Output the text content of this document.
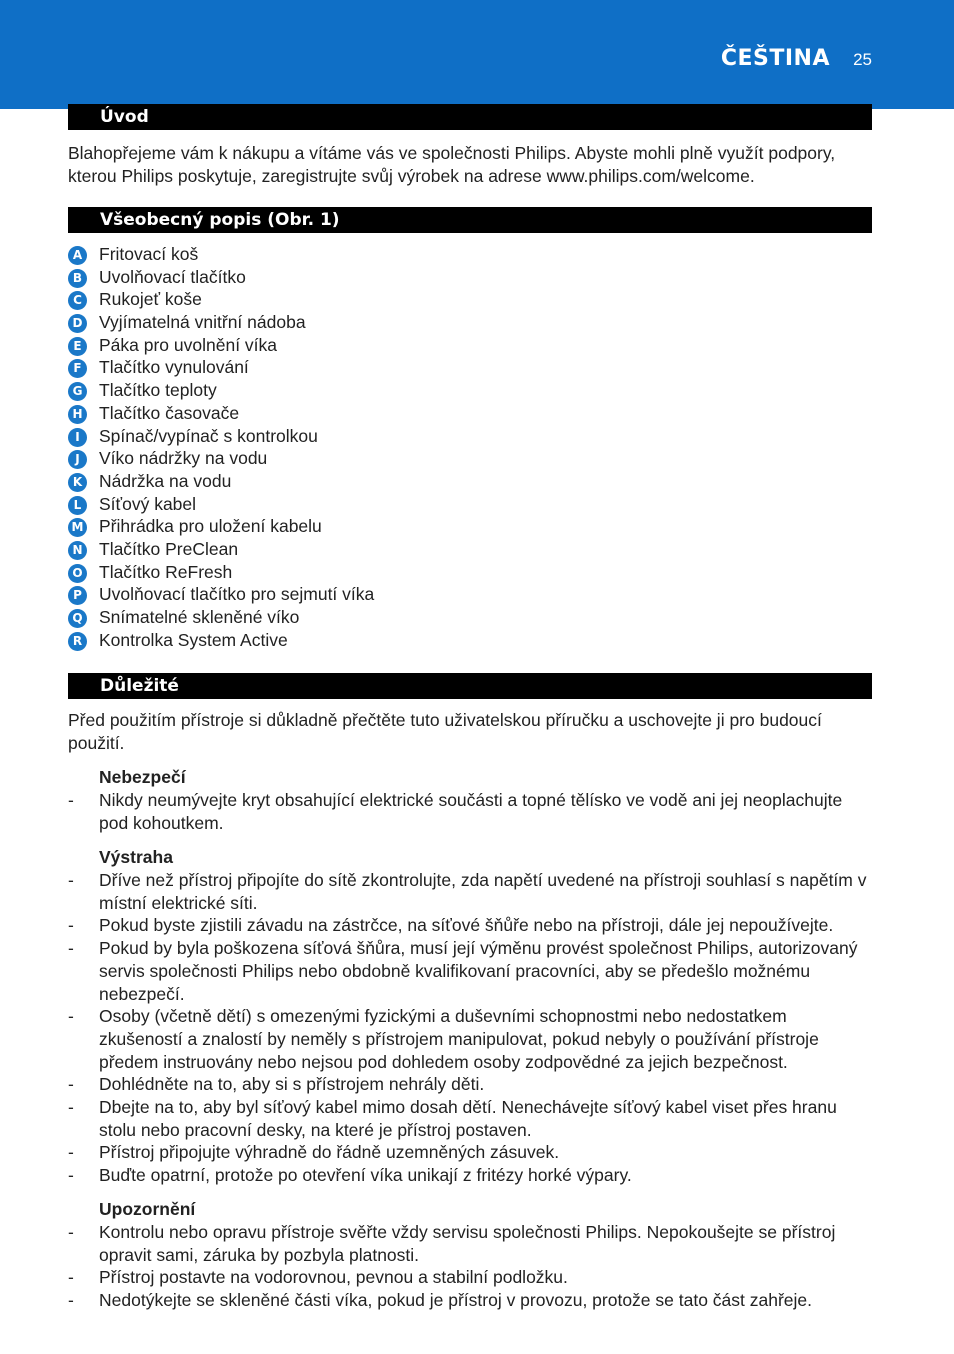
ČEŠTINA 25
Úvod
Blahopřejeme vám k nákupu a vítáme vás ve společnosti Philips. Abyste mohli plně využít podpory, kterou Philips poskytuje, zaregistrujte svůj výrobek na adrese www.philips.com/welcome.
Všeobecný popis (Obr. 1)
A Fritovací koš
B Uvolňovací tlačítko
C Rukojeť koše
D Vyjímatelná vnitřní nádoba
E Páka pro uvolnění víka
F Tlačítko vynulování
G Tlačítko teploty
H Tlačítko časovače
I	Spínač/vypínač s kontrolkou
J	Víko nádržky na vodu
K Nádržka na vodu
L	Síťový kabel
M Přihrádka pro uložení kabelu
N Tlačítko PreClean
O Tlačítko ReFresh
P Uvolňovací tlačítko pro sejmutí víka
Q Snímatelné skleněné víko
R Kontrolka System Active
Důležité
Před použitím přístroje si důkladně přečtěte tuto uživatelskou příručku a uschovejte ji pro budoucí použití.
Nebezpečí
- Nikdy neumývejte kryt obsahující elektrické součásti a topné tělísko ve vodě ani jej neoplachujte pod kohoutkem.
Výstraha
- Dříve než přístroj připojíte do sítě zkontrolujte, zda napětí uvedené na přístroji souhlasí s napětím v místní elektrické síti.
- Pokud byste zjistili závadu na zástrčce, na síťové šňůře nebo na přístroji, dále jej nepoužívejte.
- Pokud by byla poškozena síťová šňůra, musí její výměnu provést společnost Philips, autorizovaný servis společnosti Philips nebo obdobně kvalifikovaní pracovníci, aby se předešlo možnému nebezpečí.
- Osoby (včetně dětí) s omezenými fyzickými a duševními schopnostmi nebo nedostatkem zkušeností a znalostí by neměly s přístrojem manipulovat, pokud nebyly o používání přístroje předem instruovány nebo nejsou pod dohledem osoby zodpovědné za jejich bezpečnost.
- Dohlédněte na to, aby si s přístrojem nehrály děti.
- Dbejte na to, aby byl síťový kabel mimo dosah dětí. Nenechávejte síťový kabel viset přes hranu stolu nebo pracovní desky, na které je přístroj postaven.
- Přístroj připojujte výhradně do řádně uzemněných zásuvek.
- Buďte opatrní, protože po otevření víka unikají z fritézy horké výpary.
Upozornění
- Kontrolu nebo opravu přístroje svěřte vždy servisu společnosti Philips. Nepokoušejte se přístroj opravit sami, záruka by pozbyla platnosti.
- Přístroj postavte na vodorovnou, pevnou a stabilní podložku.
- Nedotýkejte se skleněné části víka, pokud je přístroj v provozu, protože se tato část zahřeje.
